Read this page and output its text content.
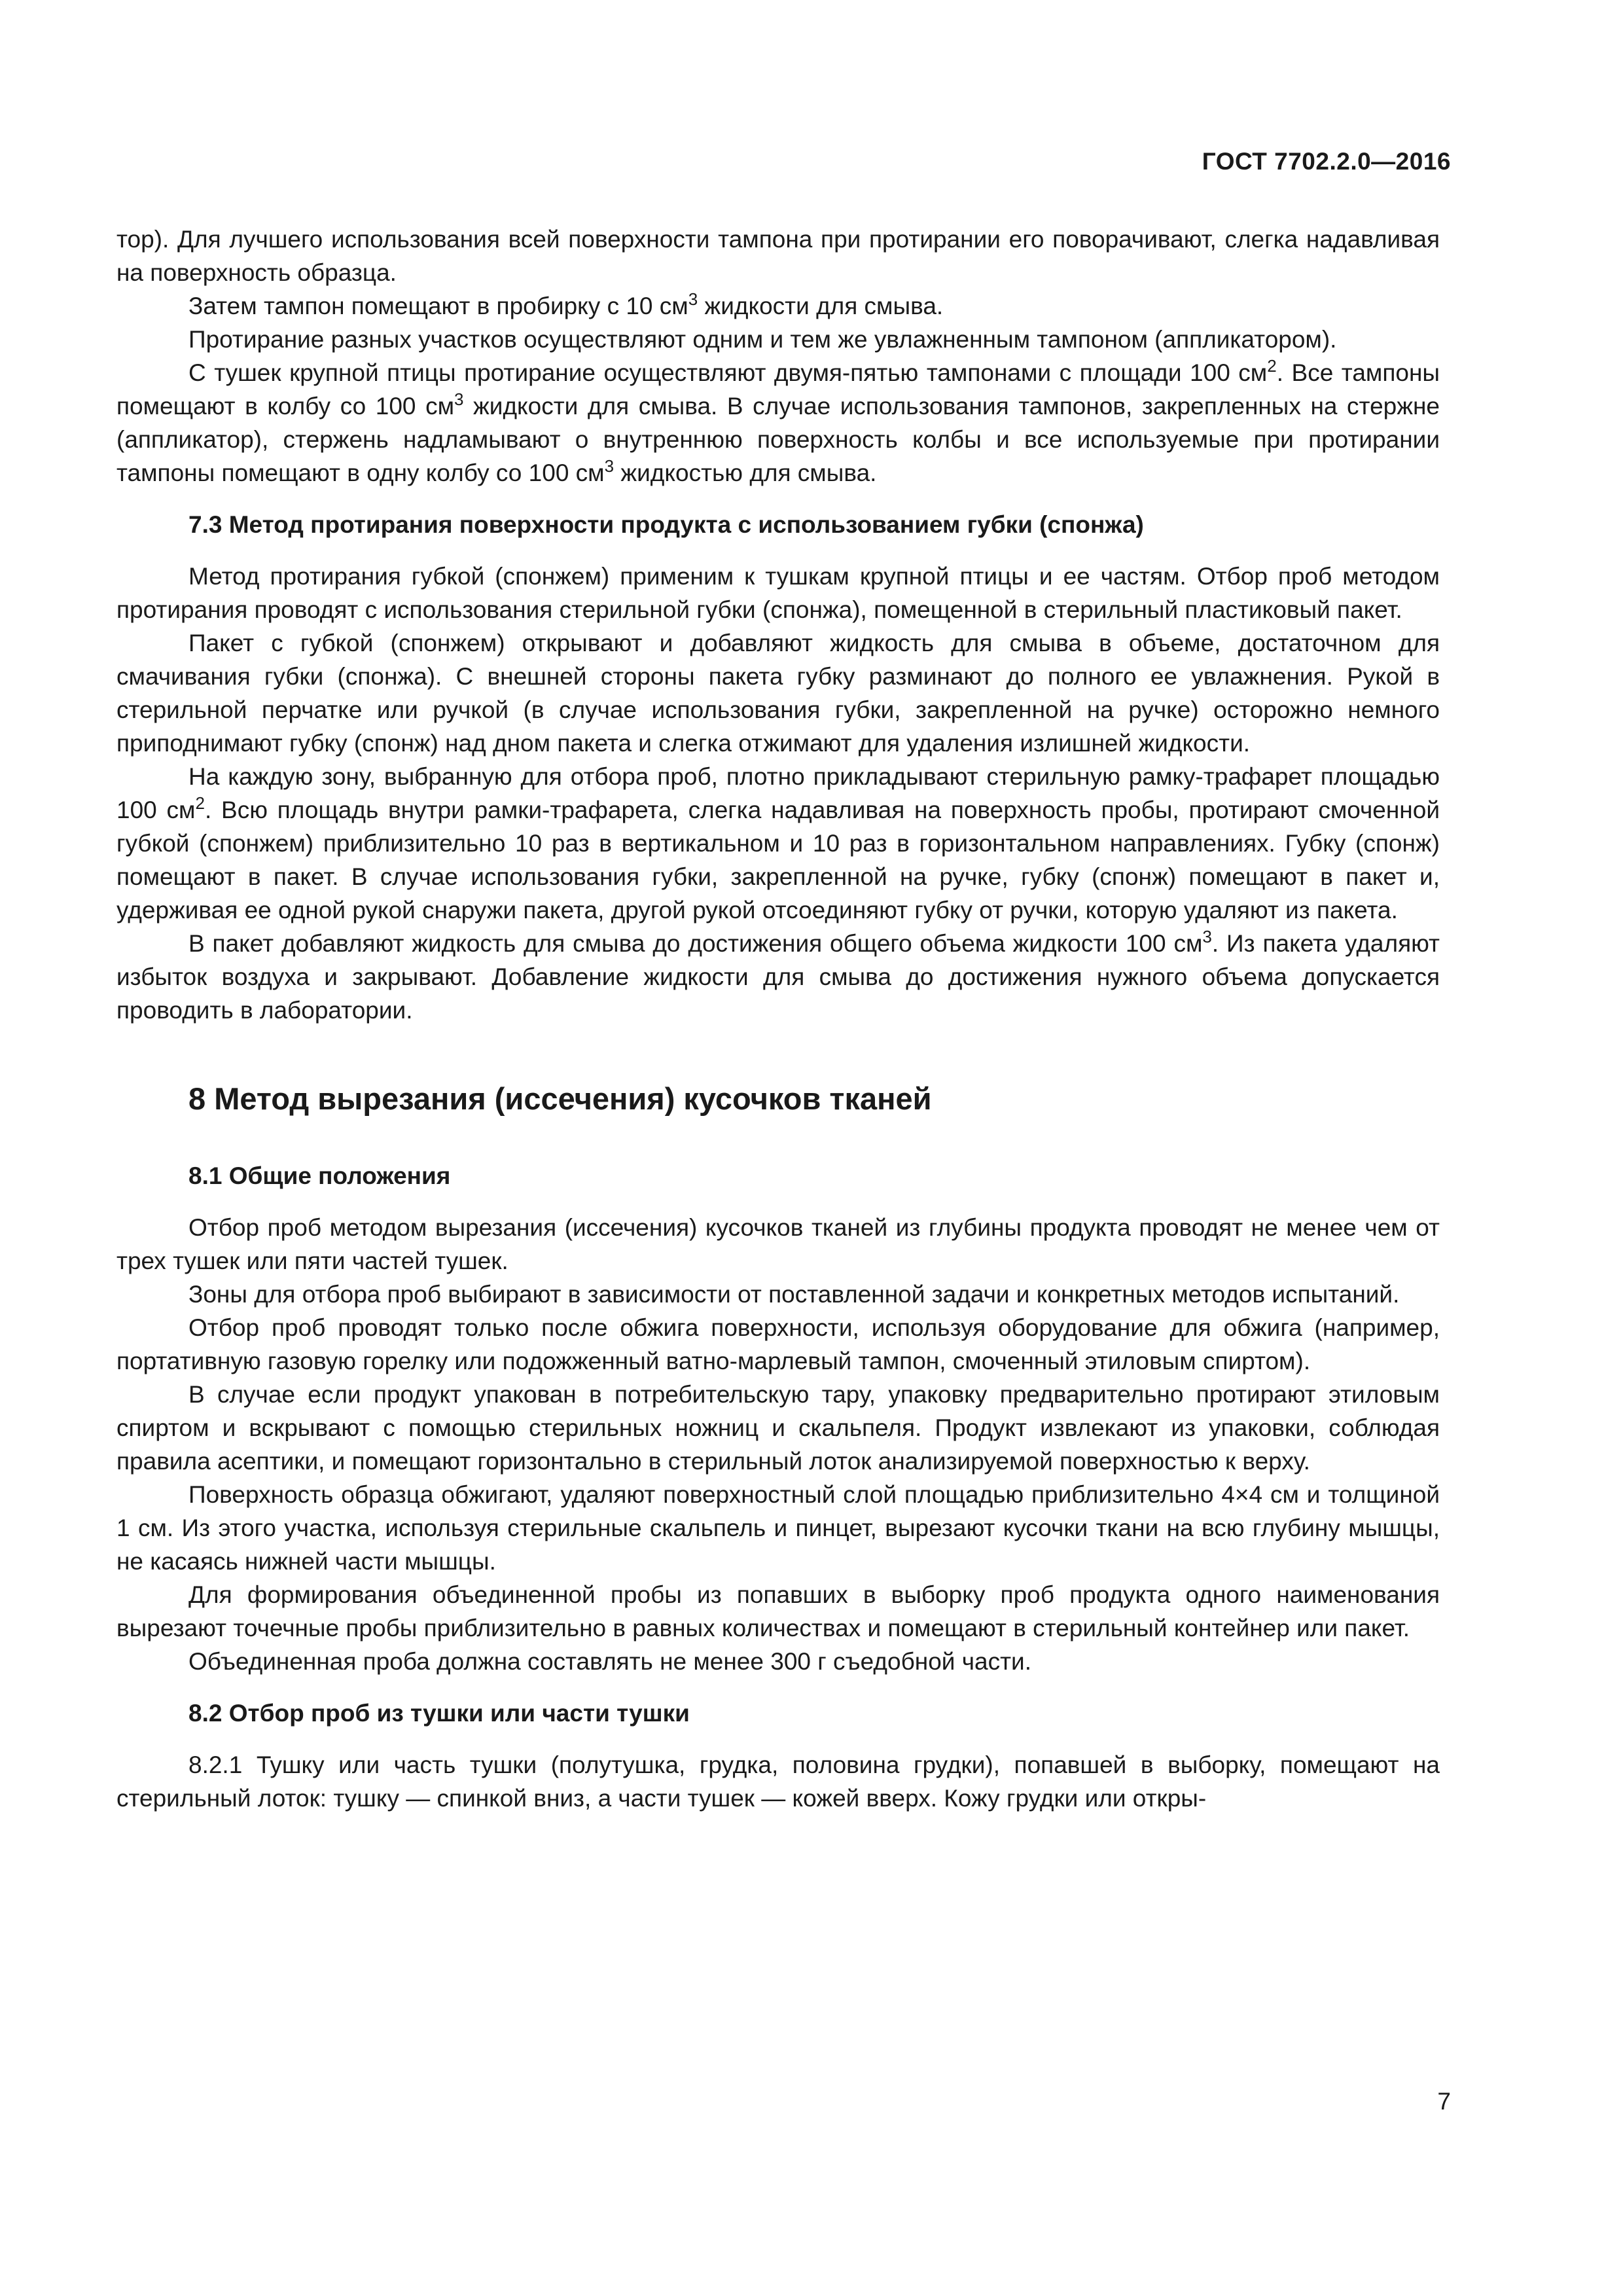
ГОСТ 7702.2.0—2016

тор). Для лучшего использования всей поверхности тампона при протирании его поворачивают, слегка надавливая на поверхность образца.

Затем тампон помещают в пробирку с 10 $см^3$ жидкости для смыва.

Протирание разных участков осуществляют одним и тем же увлажненным тампоном (аппликатором).

С тушек крупной птицы протирание осуществляют двумя-пятью тампонами с площади 100 $см^2$. Все тампоны помещают в колбу со 100 $см^3$ жидкости для смыва. В случае использования тампонов, закрепленных на стержне (аппликатор), стержень надламывают о внутреннюю поверхность колбы и все используемые при протирании тампоны помещают в одну колбу со 100 $см^3$ жидкостью для смыва.

7.3 Метод протирания поверхности продукта с использованием губки (спонжа)

Метод протирания губкой (спонжем) применим к тушкам крупной птицы и ее частям. Отбор проб методом протирания проводят с использования стерильной губки (спонжа), помещенной в стерильный пластиковый пакет.

Пакет с губкой (спонжем) открывают и добавляют жидкость для смыва в объеме, достаточном для смачивания губки (спонжа). С внешней стороны пакета губку разминают до полного ее увлажнения. Рукой в стерильной перчатке или ручкой (в случае использования губки, закрепленной на ручке) осторожно немного приподнимают губку (спонж) над дном пакета и слегка отжимают для удаления излишней жидкости.

На каждую зону, выбранную для отбора проб, плотно прикладывают стерильную рамку-трафарет площадью 100 $см^2$. Всю площадь внутри рамки-трафарета, слегка надавливая на поверхность пробы, протирают смоченной губкой (спонжем) приблизительно 10 раз в вертикальном и 10 раз в горизонтальном направлениях. Губку (спонж) помещают в пакет. В случае использования губки, закрепленной на ручке, губку (спонж) помещают в пакет и, удерживая ее одной рукой снаружи пакета, другой рукой отсоединяют губку от ручки, которую удаляют из пакета.

В пакет добавляют жидкость для смыва до достижения общего объема жидкости 100 $см^3$. Из пакета удаляют избыток воздуха и закрывают. Добавление жидкости для смыва до достижения нужного объема допускается проводить в лаборатории.

8 Метод вырезания (иссечения) кусочков тканей
8.1 Общие положения

Отбор проб методом вырезания (иссечения) кусочков тканей из глубины продукта проводят не менее чем от трех тушек или пяти частей тушек.

Зоны для отбора проб выбирают в зависимости от поставленной задачи и конкретных методов испытаний.

Отбор проб проводят только после обжига поверхности, используя оборудование для обжига (например, портативную газовую горелку или подожженный ватно-марлевый тампон, смоченный этиловым спиртом).

В случае если продукт упакован в потребительскую тару, упаковку предварительно протирают этиловым спиртом и вскрывают с помощью стерильных ножниц и скальпеля. Продукт извлекают из упаковки, соблюдая правила асептики, и помещают горизонтально в стерильный лоток анализируемой поверхностью к верху.

Поверхность образца обжигают, удаляют поверхностный слой площадью приблизительно 4×4 см и толщиной 1 см. Из этого участка, используя стерильные скальпель и пинцет, вырезают кусочки ткани на всю глубину мышцы, не касаясь нижней части мышцы.

Для формирования объединенной пробы из попавших в выборку проб продукта одного наименования вырезают точечные пробы приблизительно в равных количествах и помещают в стерильный контейнер или пакет.

Объединенная проба должна составлять не менее 300 г съедобной части.

8.2 Отбор проб из тушки или части тушки

8.2.1 Тушку или часть тушки (полутушка, грудка, половина грудки), попавшей в выборку, помещают на стерильный лоток: тушку — спинкой вниз, а части тушек — кожей вверх. Кожу грудки или откры-

7
